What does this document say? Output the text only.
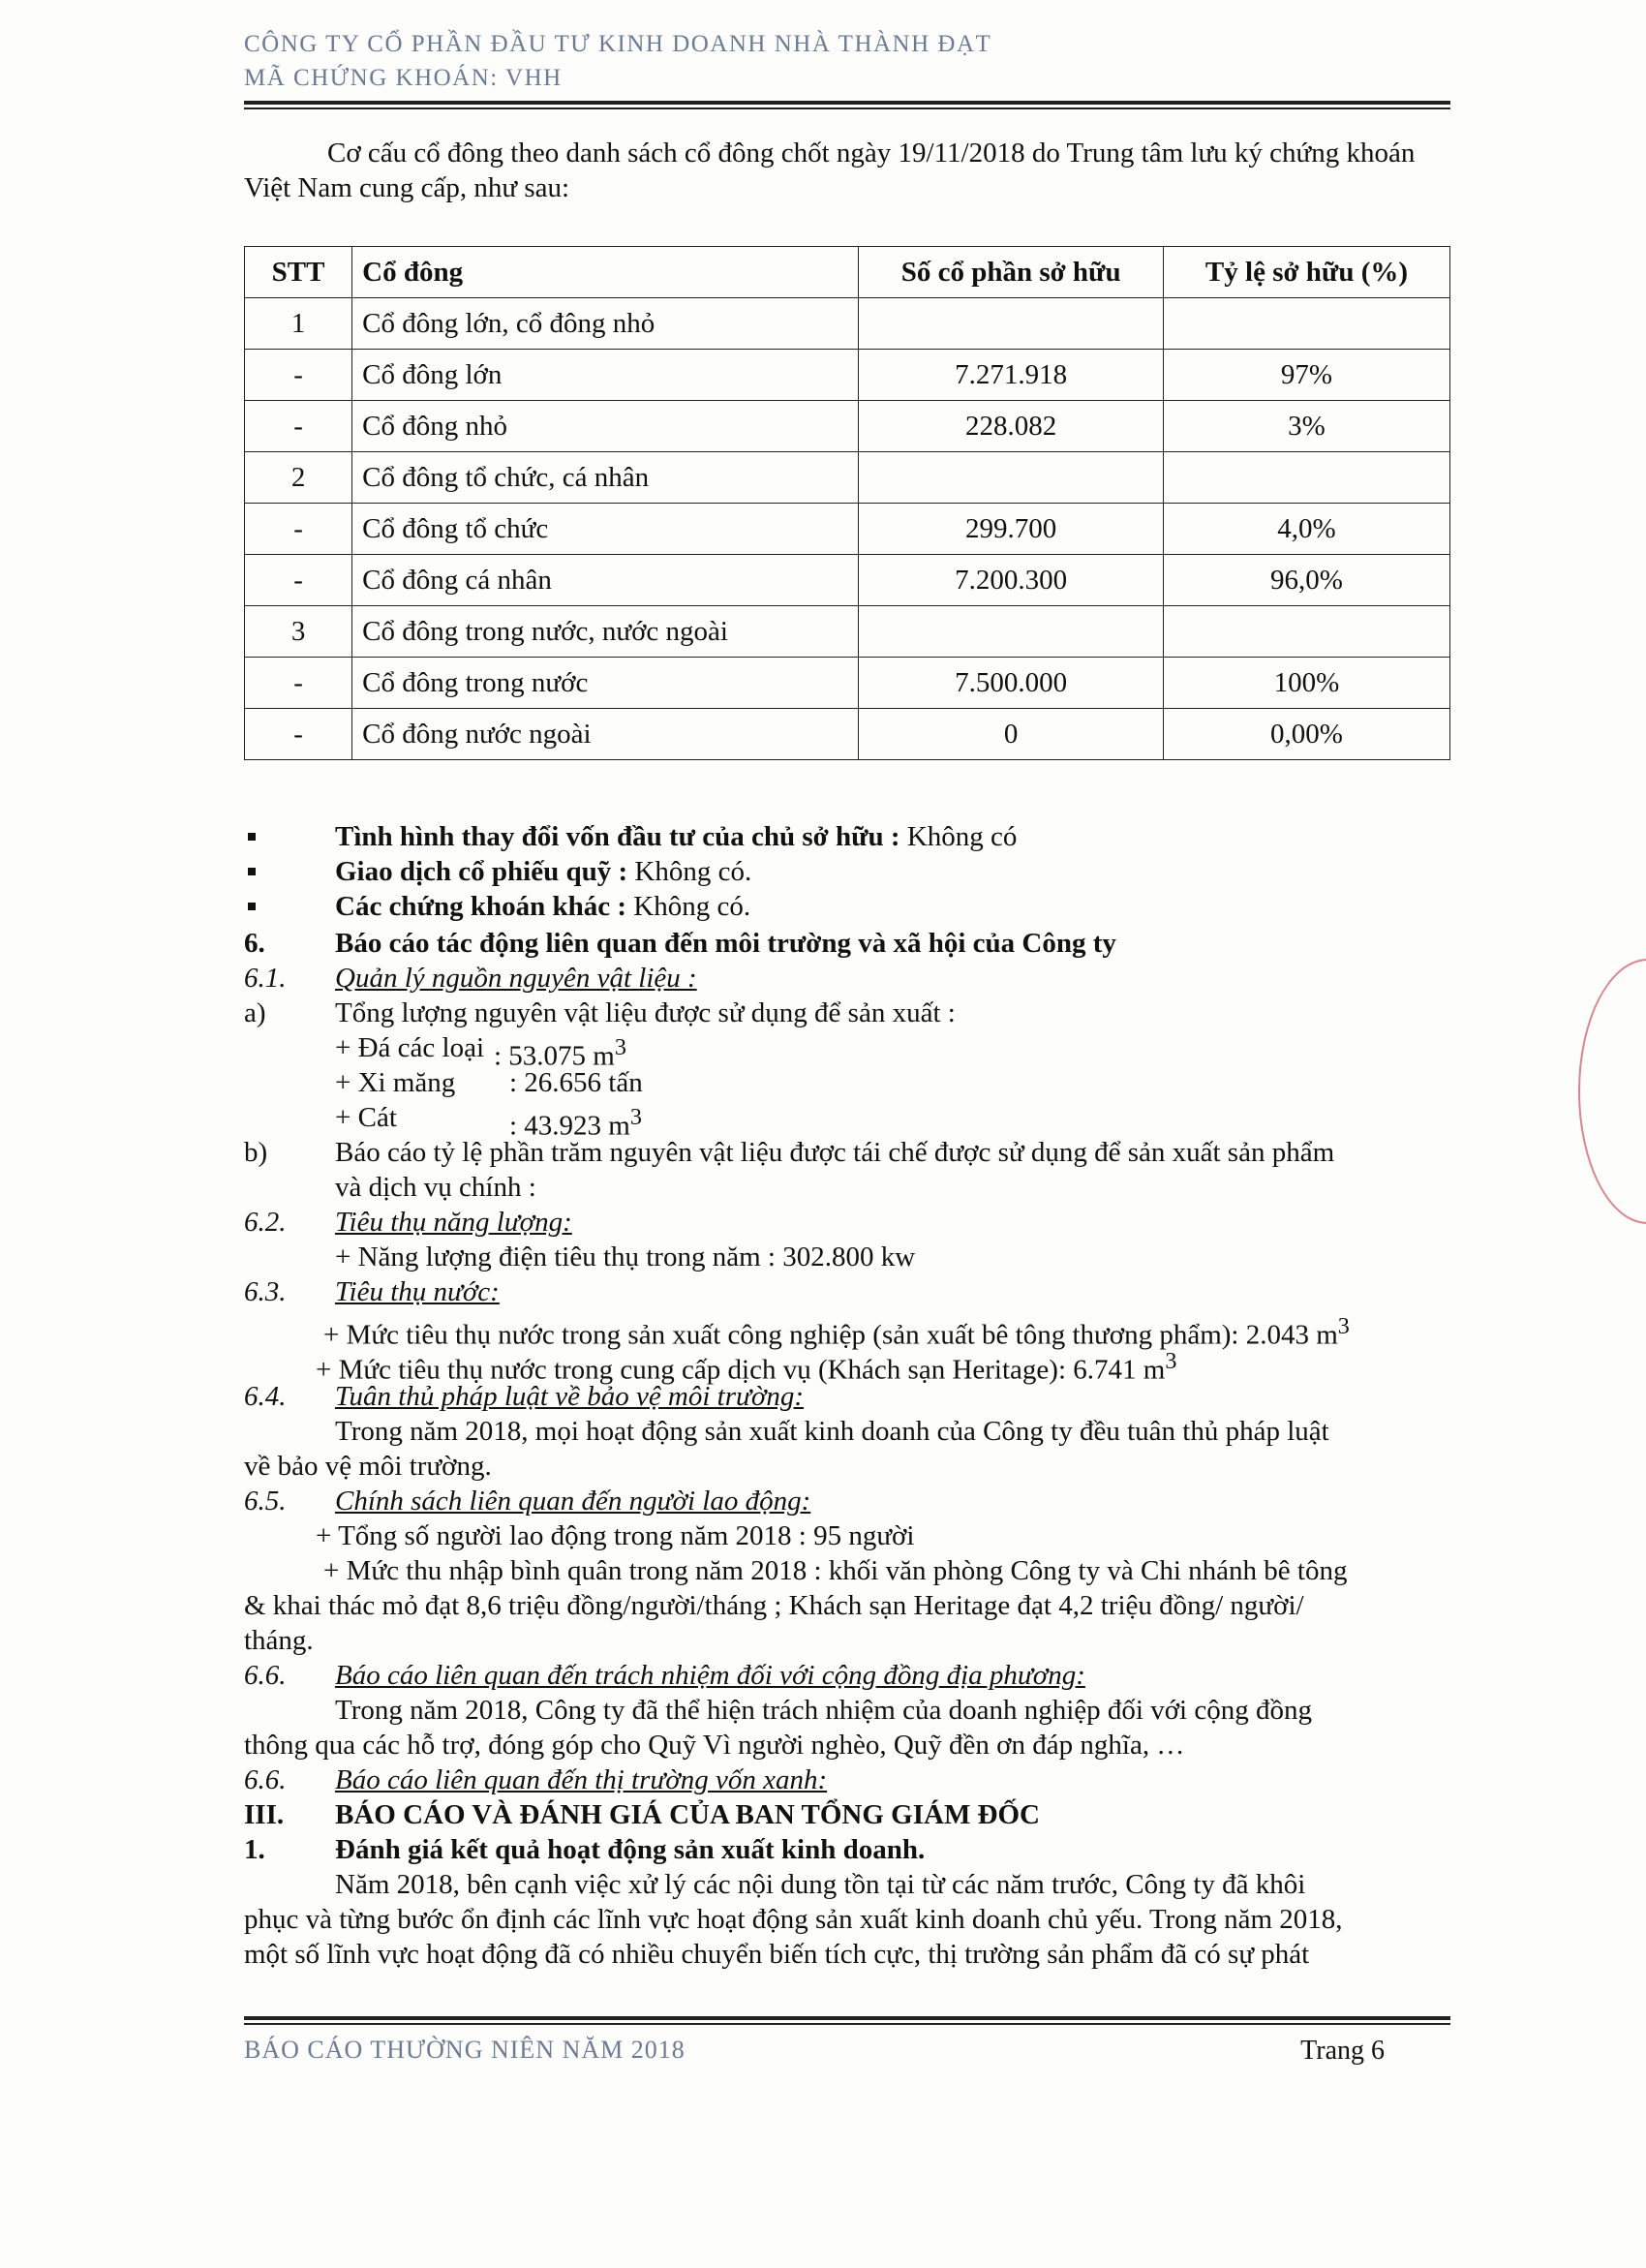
CÔNG TY CỔ PHẦN ĐẦU TƯ KINH DOANH NHÀ THÀNH ĐẠT
MÃ CHỨNG KHOÁN: VHH
Cơ cấu cổ đông theo danh sách cổ đông chốt ngày 19/11/2018 do Trung tâm lưu ký chứng khoán Việt Nam cung cấp, như sau:
STT	Cổ đông	Số cổ phần sở hữu	Tỷ lệ sở hữu (%)
1	Cổ đông lớn, cổ đông nhỏ		
-	Cổ đông lớn	7.271.918	97%
-	Cổ đông nhỏ	228.082	3%
2	Cổ đông tổ chức, cá nhân		
-	Cổ đông tổ chức	299.700	4,0%
-	Cổ đông cá nhân	7.200.300	96,0%
3	Cổ đông trong nước, nước ngoài		
-	Cổ đông trong nước	7.500.000	100%
-	Cổ đông nước ngoài	0	0,00%
Tình hình thay đổi vốn đầu tư của chủ sở hữu : Không có
Giao dịch cổ phiếu quỹ : Không có.
Các chứng khoán khác : Không có.
6. Báo cáo tác động liên quan đến môi trường và xã hội của Công ty
6.1. Quản lý nguồn nguyên vật liệu :
a) Tổng lượng nguyên vật liệu được sử dụng để sản xuất :
+ Đá các loại : 53.075 $m^3$
+ Xi măng : 26.656 tấn
+ Cát	: 43.923 $m^3$
b) Báo cáo tỷ lệ phần trăm nguyên vật liệu được tái chế được sử dụng để sản xuất sản phẩm
và dịch vụ chính :
6.2. Tiêu thụ năng lượng:
+ Năng lượng điện tiêu thụ trong năm : 302.800 kw
6.3. Tiêu thụ nước:
+ Mức tiêu thụ nước trong sản xuất công nghiệp (sản xuất bê tông thương phẩm): 2.043 $m^3$
+ Mức tiêu thụ nước trong cung cấp dịch vụ (Khách sạn Heritage): 6.741 $m^3$
6.4. Tuân thủ pháp luật về bảo vệ môi trường:
Trong năm 2018, mọi hoạt động sản xuất kinh doanh của Công ty đều tuân thủ pháp luật
về bảo vệ môi trường.
6.5. Chính sách liên quan đến người lao động:
+ Tổng số người lao động trong năm 2018 : 95 người
+ Mức thu nhập bình quân trong năm 2018 : khối văn phòng Công ty và Chi nhánh bê tông
& khai thác mỏ đạt 8,6 triệu đồng/người/tháng ; Khách sạn Heritage đạt 4,2 triệu đồng/ người/
tháng.
6.6. Báo cáo liên quan đến trách nhiệm đối với cộng đồng địa phương:
Trong năm 2018, Công ty đã thể hiện trách nhiệm của doanh nghiệp đối với cộng đồng
thông qua các hỗ trợ, đóng góp cho Quỹ Vì người nghèo, Quỹ đền ơn đáp nghĩa, …
6.6. Báo cáo liên quan đến thị trường vốn xanh:
III. BÁO CÁO VÀ ĐÁNH GIÁ CỦA BAN TỔNG GIÁM ĐỐC
1. Đánh giá kết quả hoạt động sản xuất kinh doanh.
Năm 2018, bên cạnh việc xử lý các nội dung tồn tại từ các năm trước, Công ty đã khôi
phục và từng bước ổn định các lĩnh vực hoạt động sản xuất kinh doanh chủ yếu. Trong năm 2018,
một số lĩnh vực hoạt động đã có nhiều chuyển biến tích cực, thị trường sản phẩm đã có sự phát
BÁO CÁO THƯỜNG NIÊN NĂM 2018	Trang 6
